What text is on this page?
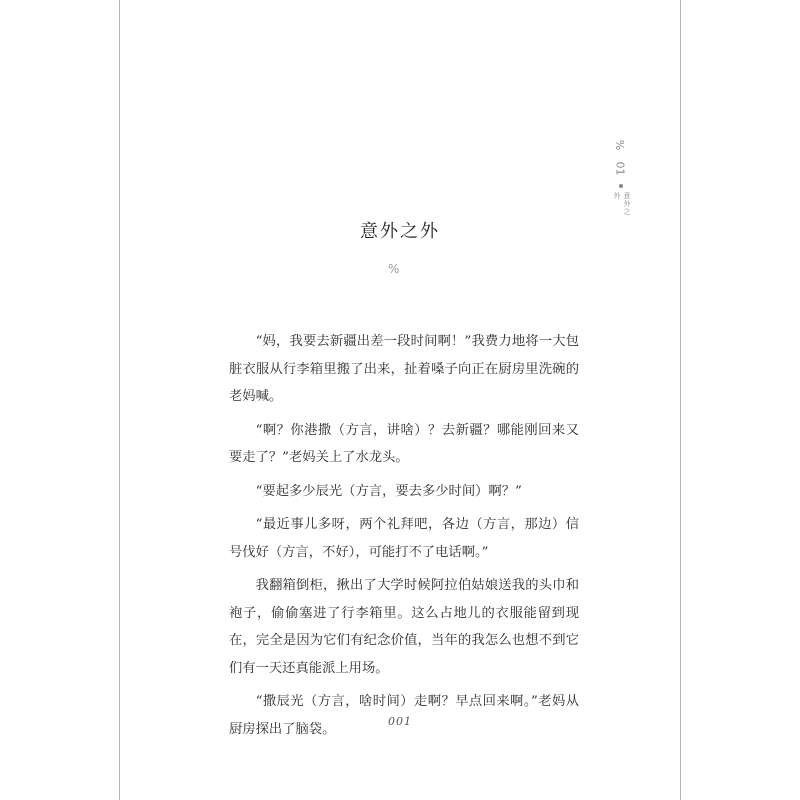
%
01
意外之外
意外之外
%

“妈，我要去新疆出差一段时间啊！”我费力地将一大包脏衣服从行李箱里搬了出来，扯着嗓子向正在厨房里洗碗的老妈喊。

“啊？你港撒（方言，讲啥）？去新疆？哪能刚回来又要走了？”老妈关上了水龙头。

“要起多少辰光（方言，要去多少时间）啊？”

“最近事儿多呀，两个礼拜吧，各边（方言，那边）信号伐好（方言，不好），可能打不了电话啊。”

我翻箱倒柜，揪出了大学时候阿拉伯姑娘送我的头巾和袍子，偷偷塞进了行李箱里。这么占地儿的衣服能留到现在，完全是因为它们有纪念价值，当年的我怎么也想不到它们有一天还真能派上用场。

“撒辰光（方言，啥时间）走啊？早点回来啊。”老妈从厨房探出了脑袋。	001
